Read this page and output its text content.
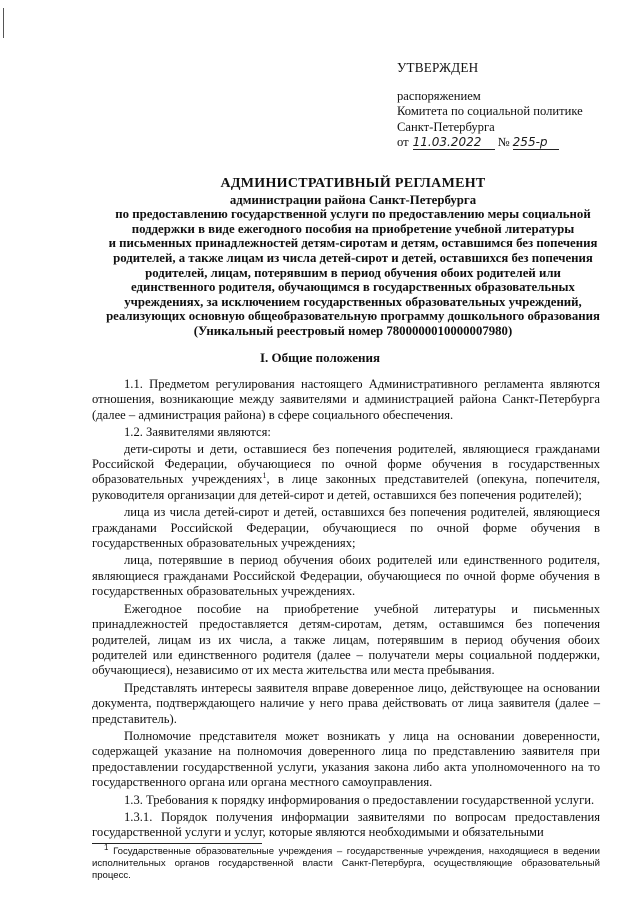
УТВЕРЖДЕН
распоряжением
Комитета по социальной политике
Санкт-Петербурга
от 11.03.2022	№ 255-р
АДМИНИСТРАТИВНЫЙ РЕГЛАМЕНТ
администрации района Санкт-Петербурга
по предоставлению государственной услуги по предоставлению меры социальной
поддержки в виде ежегодного пособия на приобретение учебной литературы
и письменных принадлежностей детям-сиротам и детям, оставшимся без попечения
родителей, а также лицам из числа детей-сирот и детей, оставшихся без попечения
родителей, лицам, потерявшим в период обучения обоих родителей или
единственного родителя, обучающимся в государственных образовательных
учреждениях, за исключением государственных образовательных учреждений,
реализующих основную общеобразовательную программу дошкольного образования
(Уникальный реестровый номер 7800000010000007980)
I. Общие положения

1.1. Предметом регулирования настоящего Административного регламента являются отношения, возникающие между заявителями и администрацией района Санкт-Петербурга (далее – администрация района) в сфере социального обеспечения.

1.2. Заявителями являются:

дети-сироты и дети, оставшиеся без попечения родителей, являющиеся гражданами Российской Федерации, обучающиеся по очной форме обучения в государственных образовательных учреждениях$^1$, в лице законных представителей (опекуна, попечителя, руководителя организации для детей-сирот и детей, оставшихся без попечения родителей);

лица из числа детей-сирот и детей, оставшихся без попечения родителей, являющиеся гражданами Российской Федерации, обучающиеся по очной форме обучения в государственных образовательных учреждениях;

лица, потерявшие в период обучения обоих родителей или единственного родителя, являющиеся гражданами Российской Федерации, обучающиеся по очной форме обучения в государственных образовательных учреждениях.

Ежегодное пособие на приобретение учебной литературы и письменных принадлежностей предоставляется детям-сиротам, детям, оставшимся без попечения родителей, лицам из их числа, а также лицам, потерявшим в период обучения обоих родителей или единственного родителя (далее – получатели меры социальной поддержки, обучающиеся), независимо от их места жительства или места пребывания.

Представлять интересы заявителя вправе доверенное лицо, действующее на основании документа, подтверждающего наличие у него права действовать от лица заявителя (далее – представитель).

Полномочие представителя может возникать у лица на основании доверенности, содержащей указание на полномочия доверенного лица по представлению заявителя при предоставлении государственной услуги, указания закона либо акта уполномоченного на то государственного органа или органа местного самоуправления.

1.3. Требования к порядку информирования о предоставлении государственной услуги.

1.3.1. Порядок получения информации заявителями по вопросам предоставления государственной услуги и услуг, которые являются необходимыми и обязательными

$^1$ Государственные образовательные учреждения – государственные учреждения, находящиеся в ведении исполнительных органов государственной власти Санкт-Петербурга, осуществляющие образовательный процесс.
